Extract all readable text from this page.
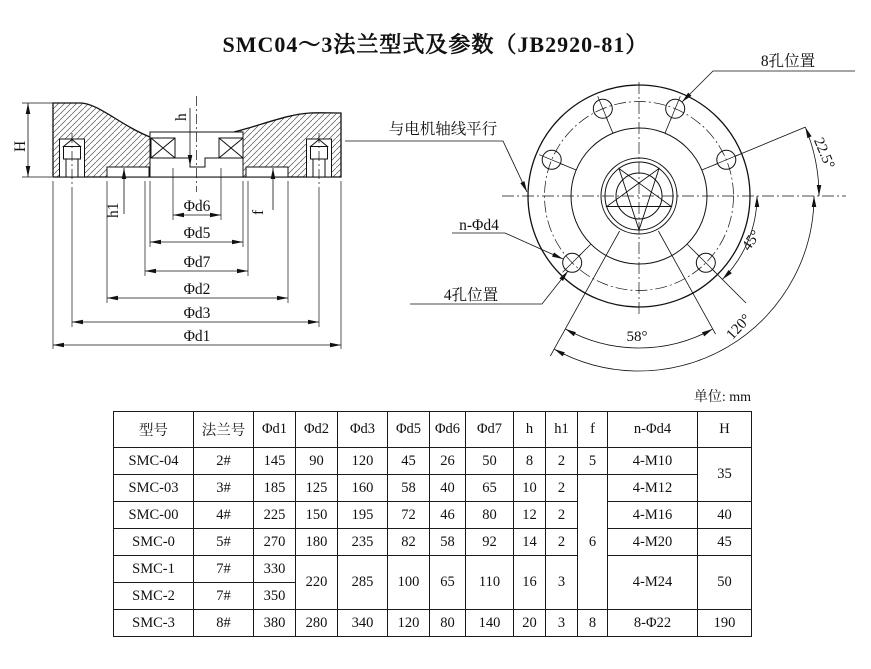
SMC04～3法兰型式及参数（JB2920-81）
H
h
h1	f
Φd6
Φd5
Φd7
Φd2
Φd3
Φd1
8孔位置
与电机轴线平行
n-Φd4
4孔位置
22.5°
45°
58°	120°
单位: mm
型号	法兰号	Φd1	Φd2	Φd3	Φd5	Φd6	Φd7	h	h1	f	n-Φd4	H
SMC-04	2#	145	90	120	45	26	50	8	2	5	4-M10	35
SMC-03	3#	185	125	160	58	40	65	10	2	6	4-M12	
SMC-00	4#	225	150	195	72	46	80	12	2		4-M16	40
SMC-0	5#	270	180	235	82	58	92	14	2		4-M20	45
SMC-1	7#	330	220	285	100	65	110	16	3		4-M24	50
SMC-2	7#	350										
SMC-3	8#	380	280	340	120	80	140	20	3	8	8-Φ22	190
